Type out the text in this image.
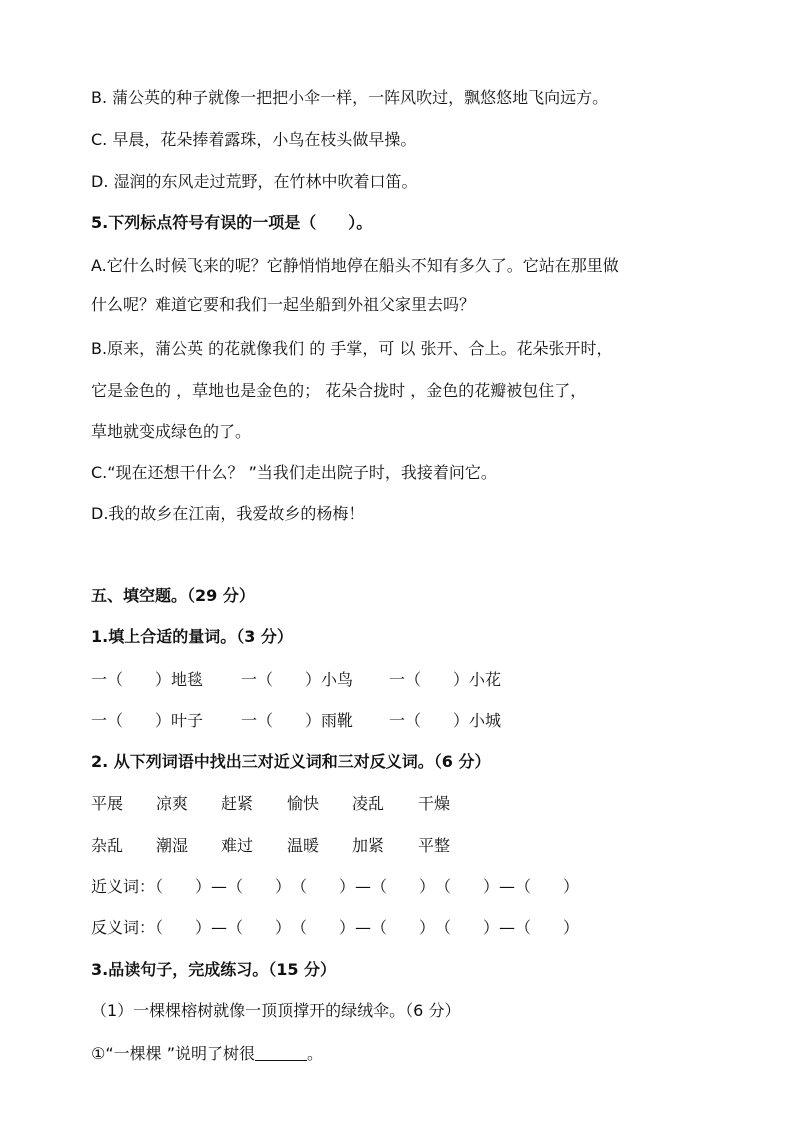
B. 蒲公英的种子就像一把把小伞一样，一阵风吹过，飘悠悠地飞向远方。
C. 早晨，花朵捧着露珠，小鸟在枝头做早操。
D. 湿润的东风走过荒野，在竹林中吹着口笛。
5.下列标点符号有误的一项是（　　）。
A.它什么时候飞来的呢？它静悄悄地停在船头不知有多久了。它站在那里做
什么呢？难道它要和我们一起坐船到外祖父家里去吗？
B.原来，蒲公英 的花就像我们 的 手掌，可 以 张开、合上。花朵张开时，
它是金色的 ，草地也是金色的； 花朵合拢时 ，金色的花瓣被包住了，
草地就变成绿色的了。
C.“现在还想干什么？ ”当我们走出院子时，我接着问它。
D.我的故乡在江南，我爱故乡的杨梅！
五、填空题。（29 分）
1.填上合适的量词。（3 分）
一（　　）地毯 一（　　）小鸟 一（　　）小花
一（　　）叶子 一（　　）雨靴 一（　　）小城
2. 从下列词语中找出三对近义词和三对反义词。（6 分）
平展 凉爽 赶紧 愉快 凌乱 干燥
杂乱 潮湿 难过 温暖 加紧 平整
近义词：（　　）—（　　）　（　　）—（　　）　（　　）—（　　）
反义词：（　　）—（　　）　（　　）—（　　）　（　　）—（　　）
3.品读句子，完成练习。（15 分）
（1）一棵棵榕树就像一顶顶撑开的绿绒伞。（6 分）
①“一棵棵 ”说明了树很	。
